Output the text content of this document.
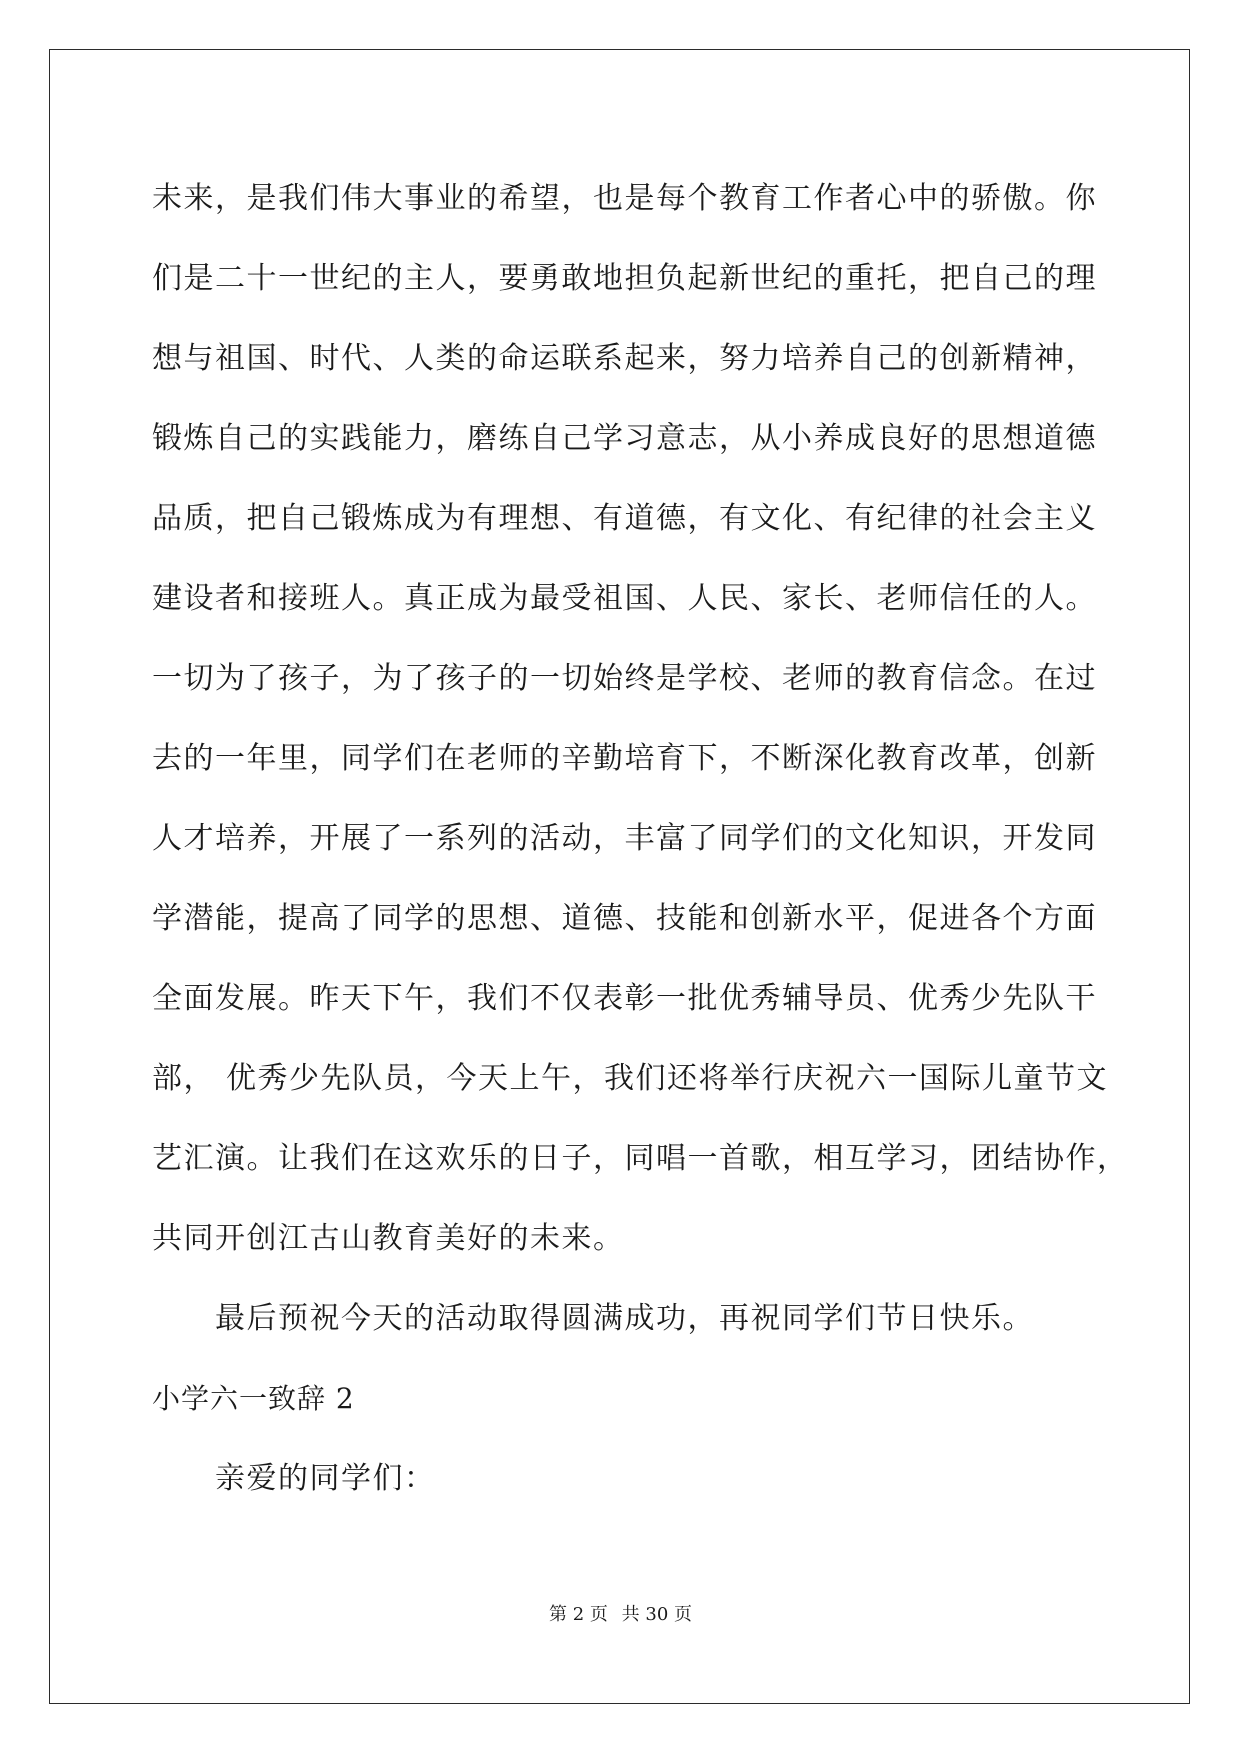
未来，是我们伟大事业的希望，也是每个教育工作者心中的骄傲。你
们是二十一世纪的主人，要勇敢地担负起新世纪的重托，把自己的理
想与祖国、时代、人类的命运联系起来，努力培养自己的创新精神，
锻炼自己的实践能力，磨练自己学习意志，从小养成良好的思想道德
品质，把自己锻炼成为有理想、有道德，有文化、有纪律的社会主义
建设者和接班人。真正成为最受祖国、人民、家长、老师信任的人。
一切为了孩子，为了孩子的一切始终是学校、老师的教育信念。在过
去的一年里，同学们在老师的辛勤培育下，不断深化教育改革，创新
人才培养，开展了一系列的活动，丰富了同学们的文化知识，开发同
学潜能，提高了同学的思想、道德、技能和创新水平，促进各个方面
全面发展。昨天下午，我们不仅表彰一批优秀辅导员、优秀少先队干
部， 优秀少先队员，今天上午，我们还将举行庆祝六一国际儿童节文
艺汇演。让我们在这欢乐的日子，同唱一首歌，相互学习，团结协作，
共同开创江古山教育美好的未来。
最后预祝今天的活动取得圆满成功，再祝同学们节日快乐。
小学六一致辞 2
亲爱的同学们：
第 2 页 共 30 页
